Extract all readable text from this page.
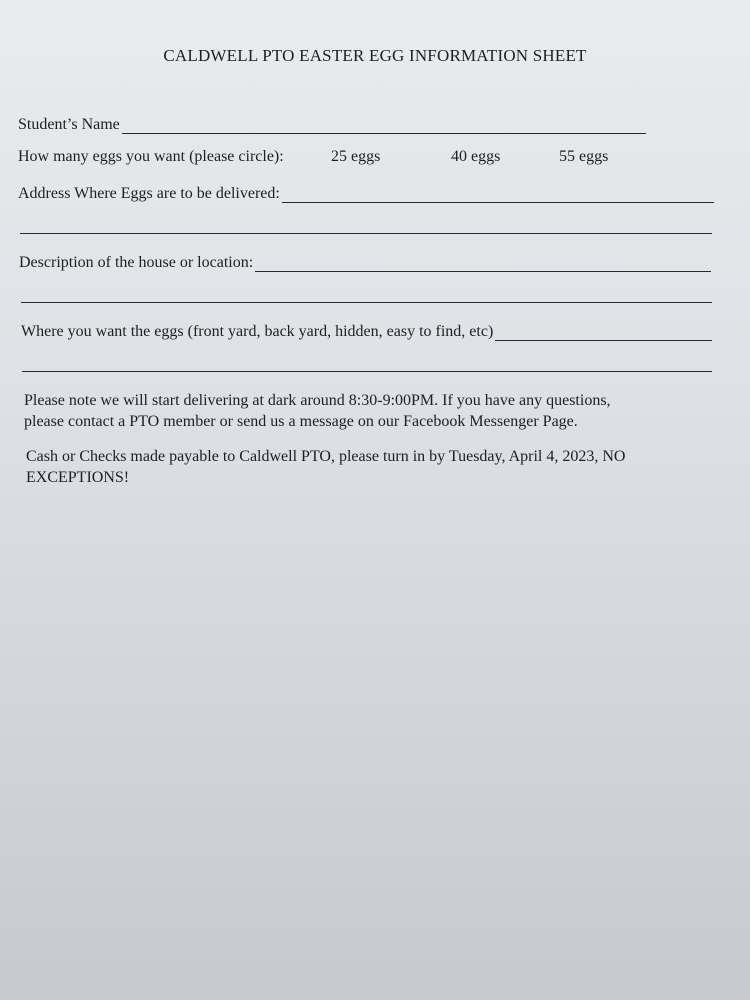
CALDWELL PTO EASTER EGG INFORMATION SHEET
Student’s Name
How many eggs you want (please circle):	25 eggs	40 eggs	55 eggs
Address Where Eggs are to be delivered:
Description of the house or location:
Where you want the eggs (front yard, back yard, hidden, easy to find, etc)
Please note we will start delivering at dark around 8:30-9:00PM. If you have any questions,
please contact a PTO member or send us a message on our Facebook Messenger Page.
Cash or Checks made payable to Caldwell PTO, please turn in by Tuesday, April 4, 2023, NO
EXCEPTIONS!
